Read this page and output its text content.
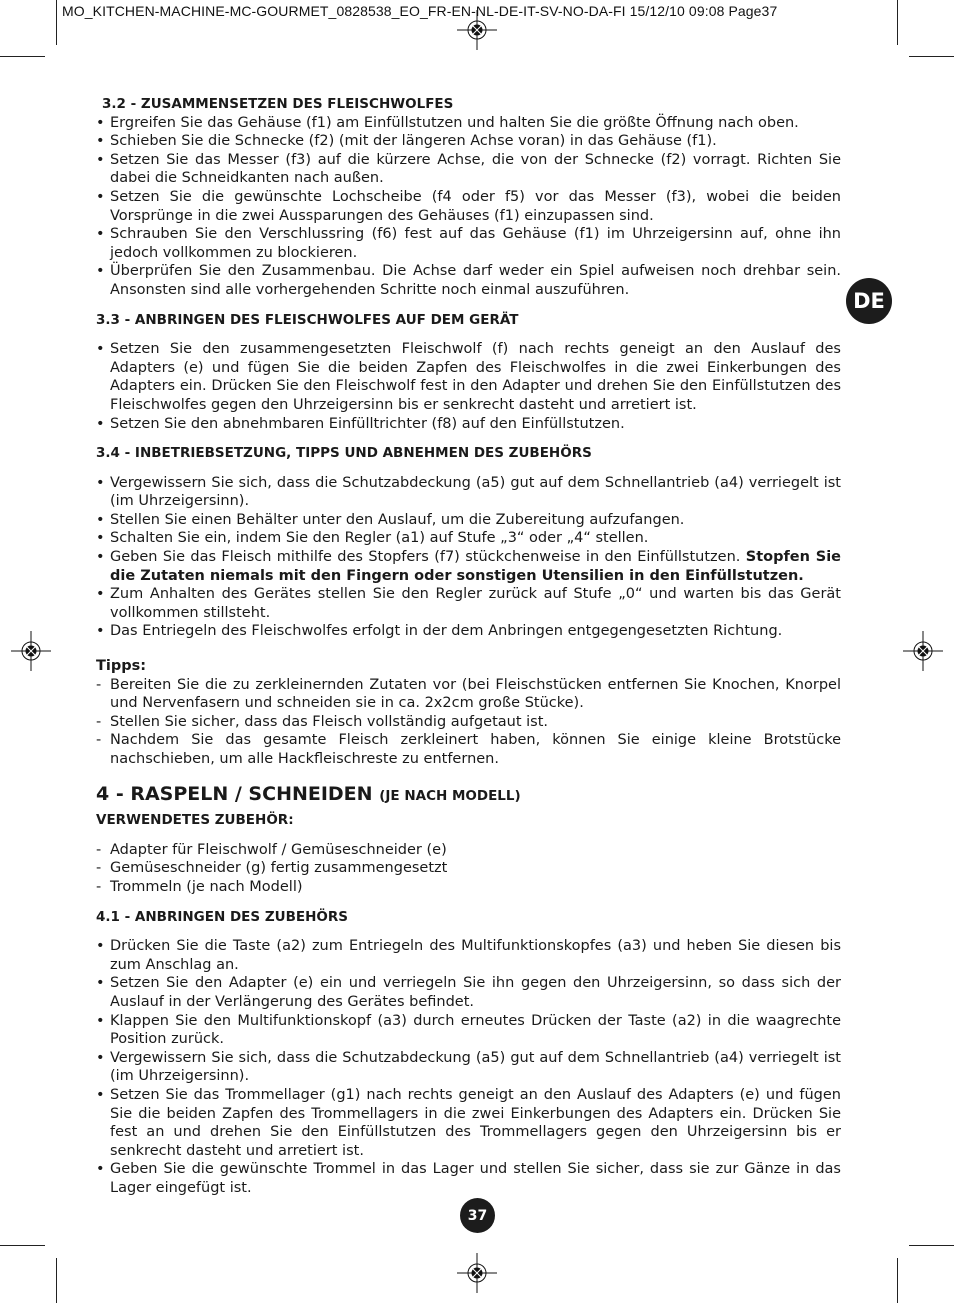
MO_KITCHEN-MACHINE-MC-GOURMET_0828538_EO_FR-EN-NL-DE-IT-SV-NO-DA-FI 15/12/10 09:08 Page37
DE

3.2 - ZUSAMMENSETZEN DES FLEISCHWOLFES

• Ergreifen Sie das Gehäuse (f1) am Einfüllstutzen und halten Sie die größte Öffnung nach oben.
• Schieben Sie die Schnecke (f2) (mit der längeren Achse voran) in das Gehäuse (f1).
• Setzen Sie das Messer (f3) auf die kürzere Achse, die von der Schnecke (f2) vorragt. Richten Sie dabei die Schneidkanten nach außen.
• Setzen Sie die gewünschte Lochscheibe (f4 oder f5) vor das Messer (f3), wobei die beiden Vorsprünge in die zwei Aussparungen des Gehäuses (f1) einzupassen sind.
• Schrauben Sie den Verschlussring (f6) fest auf das Gehäuse (f1) im Uhrzeigersinn auf, ohne ihn jedoch vollkommen zu blockieren.
• Überprüfen Sie den Zusammenbau. Die Achse darf weder ein Spiel aufweisen noch drehbar sein. Ansonsten sind alle vorhergehenden Schritte noch einmal auszuführen.

3.3 - ANBRINGEN DES FLEISCHWOLFES AUF DEM GERÄT

• Setzen Sie den zusammengesetzten Fleischwolf (f) nach rechts geneigt an den Auslauf des Adapters (e) und fügen Sie die beiden Zapfen des Fleischwolfes in die zwei Einkerbungen des Adapters ein. Drücken Sie den Fleischwolf fest in den Adapter und drehen Sie den Einfüllstutzen des Fleischwolfes gegen den Uhrzeigersinn bis er senkrecht dasteht und arretiert ist.
• Setzen Sie den abnehmbaren Einfülltrichter (f8) auf den Einfüllstutzen.

3.4 - INBETRIEBSETZUNG, TIPPS UND ABNEHMEN DES ZUBEHÖRS

• Vergewissern Sie sich, dass die Schutzabdeckung (a5) gut auf dem Schnellantrieb (a4) verriegelt ist (im Uhrzeigersinn).
• Stellen Sie einen Behälter unter den Auslauf, um die Zubereitung aufzufangen.
• Schalten Sie ein, indem Sie den Regler (a1) auf Stufe „3“ oder „4“ stellen.
• Geben Sie das Fleisch mithilfe des Stopfers (f7) stückchenweise in den Einfüllstutzen. Stopfen Sie die Zutaten niemals mit den Fingern oder sonstigen Utensilien in den Einfüllstutzen.
• Zum Anhalten des Gerätes stellen Sie den Regler zurück auf Stufe „0“ und warten bis das Gerät vollkommen stillsteht.
• Das Entriegeln des Fleischwolfes erfolgt in der dem Anbringen entgegengesetzten Richtung.

Tipps:

- Bereiten Sie die zu zerkleinernden Zutaten vor (bei Fleischstücken entfernen Sie Knochen, Knorpel und Nervenfasern und schneiden sie in ca. 2x2cm große Stücke).
- Stellen Sie sicher, dass das Fleisch vollständig aufgetaut ist.
- Nachdem Sie das gesamte Fleisch zerkleinert haben, können Sie einige kleine Brotstücke nachschieben, um alle Hackfleischreste zu entfernen.

4 - RASPELN / SCHNEIDEN (JE NACH MODELL)

VERWENDETES ZUBEHÖR:

- Adapter für Fleischwolf / Gemüseschneider (e)
- Gemüseschneider (g) fertig zusammengesetzt
- Trommeln (je nach Modell)

4.1 - ANBRINGEN DES ZUBEHÖRS

• Drücken Sie die Taste (a2) zum Entriegeln des Multifunktionskopfes (a3) und heben Sie diesen bis zum Anschlag an.
• Setzen Sie den Adapter (e) ein und verriegeln Sie ihn gegen den Uhrzeigersinn, so dass sich der Auslauf in der Verlängerung des Gerätes befindet.
• Klappen Sie den Multifunktionskopf (a3) durch erneutes Drücken der Taste (a2) in die waagrechte Position zurück.
• Vergewissern Sie sich, dass die Schutzabdeckung (a5) gut auf dem Schnellantrieb (a4) verriegelt ist (im Uhrzeigersinn).
• Setzen Sie das Trommellager (g1) nach rechts geneigt an den Auslauf des Adapters (e) und fügen Sie die beiden Zapfen des Trommellagers in die zwei Einkerbungen des Adapters ein. Drücken Sie fest an und drehen Sie den Einfüllstutzen des Trommellagers gegen den Uhrzeigersinn bis er senkrecht dasteht und arretiert ist.
• Geben Sie die gewünschte Trommel in das Lager und stellen Sie sicher, dass sie zur Gänze in das Lager eingefügt ist.
37
